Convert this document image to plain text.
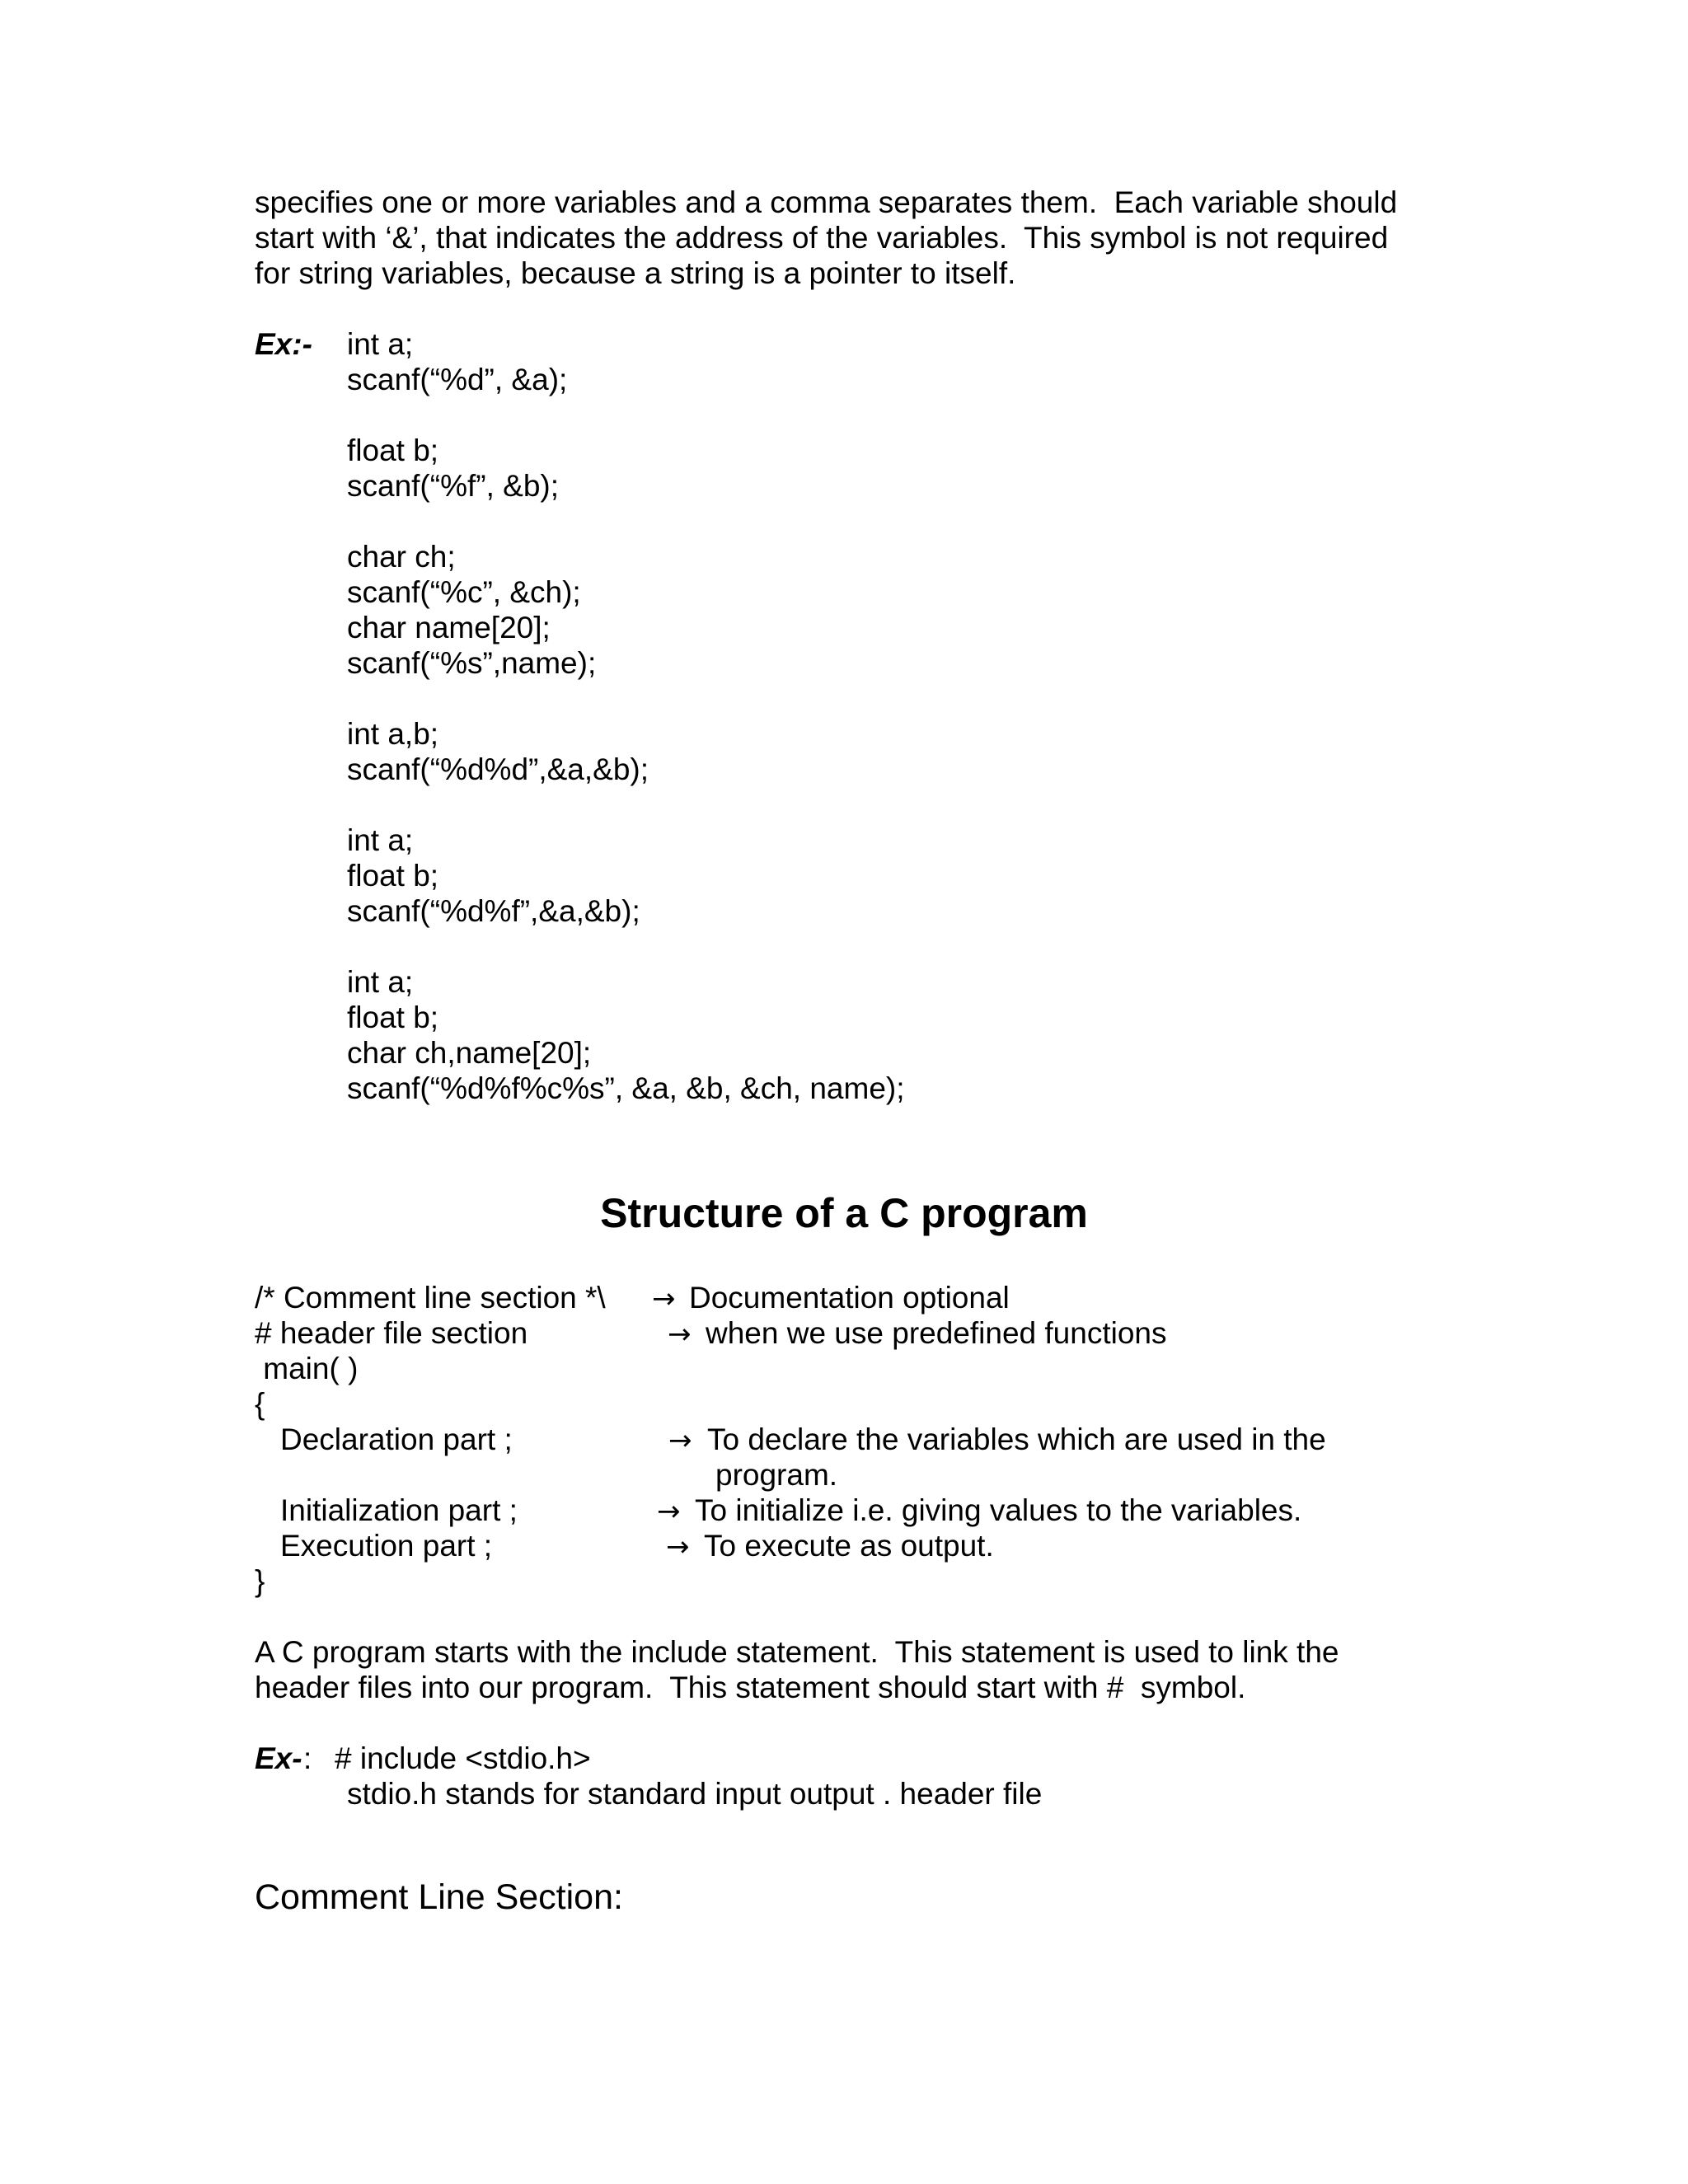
specifies one or more variables and a comma separates them.  Each variable should
start with ‘&’, that indicates the address of the variables.  This symbol is not required
for string variables, because a string is a pointer to itself.
Ex:- int a;
scanf(“%d”, &a);
float b;
scanf(“%f”, &b);
char ch;
scanf(“%c”, &ch);
char name[20];
scanf(“%s”,name);
int a,b;
scanf(“%d%d”,&a,&b);
int a;
float b;
scanf(“%d%f”,&a,&b);
int a;
float b;
char ch,name[20];
scanf(“%d%f%c%s”, &a, &b, &ch, name);
Structure of a C program
/* Comment line section *\ → Documentation optional
# header file section	→ when we use predefined functions
main( )
{
Declaration part ;	→ To declare the variables which are used in the
program.
Initialization part ;	→ To initialize i.e. giving values to the variables.
Execution part ;	→ To execute as output.
}
A C program starts with the include statement.  This statement is used to link the
header files into our program.  This statement should start with #  symbol.
Ex- : # include <stdio.h>
stdio.h stands for standard input output . header file
Comment Line Section:
